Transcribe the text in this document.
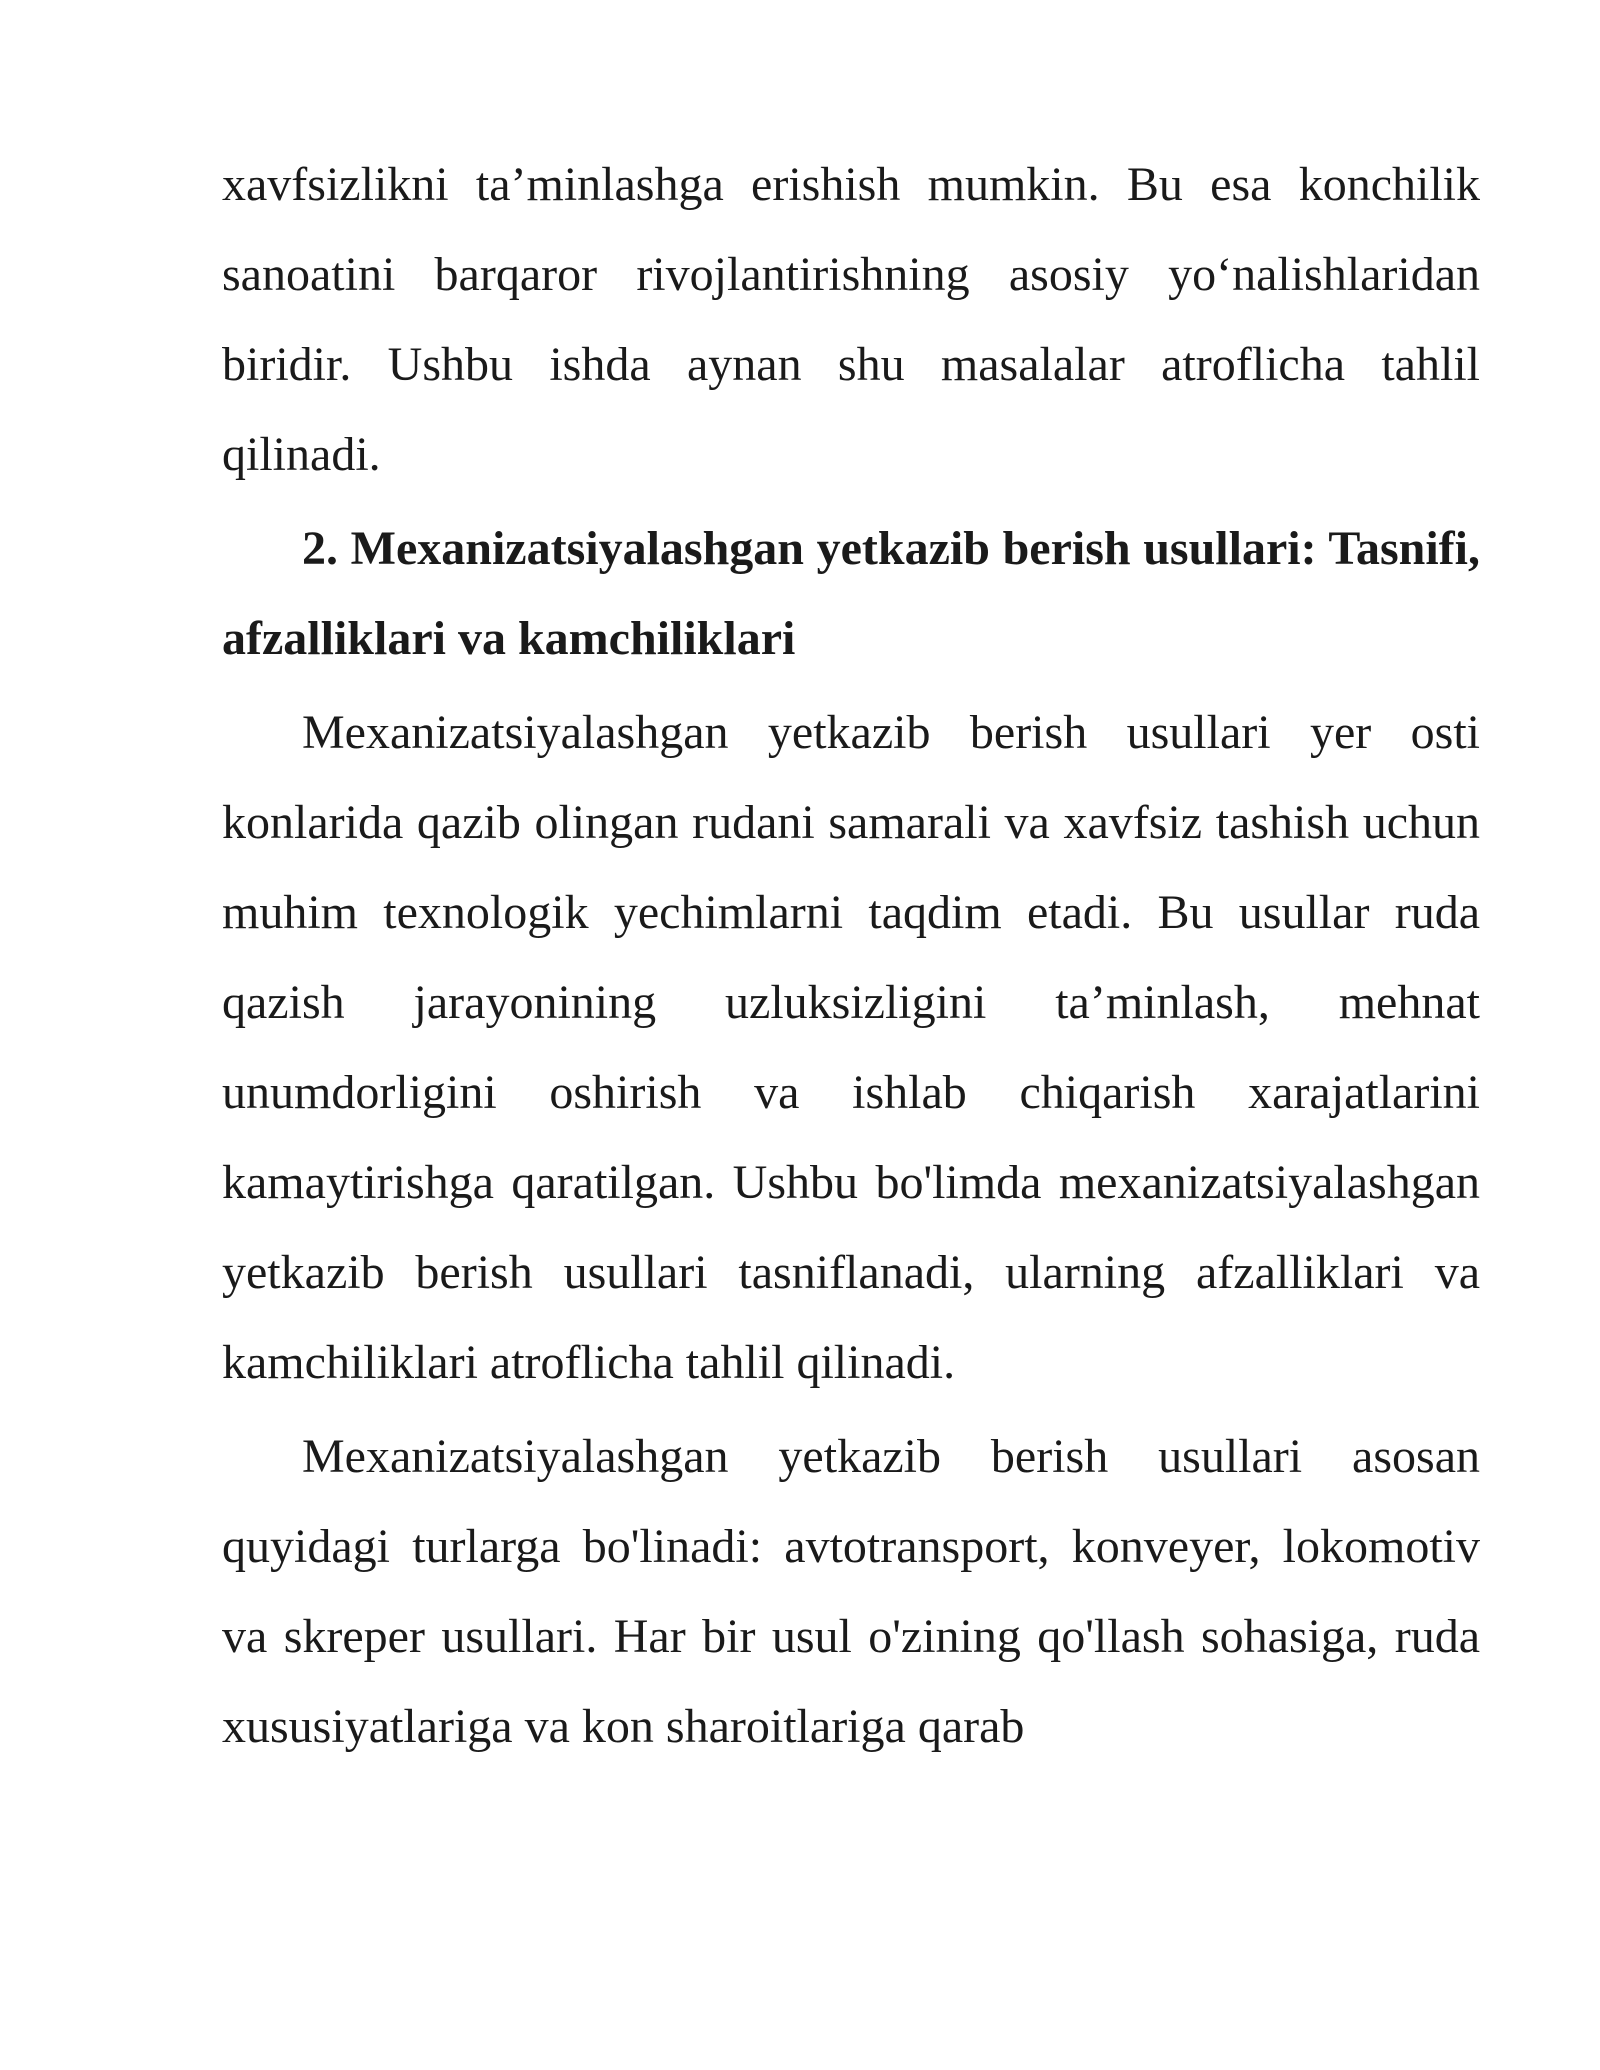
xavfsizlikni ta’minlashga erishish mumkin. Bu esa konchilik sanoatini barqaror rivojlantirishning asosiy yo‘nalishlaridan biridir. Ushbu ishda aynan shu masalalar atroflicha tahlil qilinadi.

2. Mexanizatsiyalashgan yetkazib berish usullari: Tasnifi, afzalliklari va kamchiliklari

Mexanizatsiyalashgan yetkazib berish usullari yer osti konlarida qazib olingan rudani samarali va xavfsiz tashish uchun muhim texnologik yechimlarni taqdim etadi. Bu usullar ruda qazish jarayonining uzluksizligini ta’minlash, mehnat unumdorligini oshirish va ishlab chiqarish xarajatlarini kamaytirishga qaratilgan. Ushbu bo'limda mexanizatsiyalashgan yetkazib berish usullari tasniflanadi, ularning afzalliklari va kamchiliklari atroflicha tahlil qilinadi.

Mexanizatsiyalashgan yetkazib berish usullari asosan quyidagi turlarga bo'linadi: avtotransport, konveyer, lokomotiv va skreper usullari. Har bir usul o'zining qo'llash sohasiga, ruda xususiyatlariga va kon sharoitlariga qarab
